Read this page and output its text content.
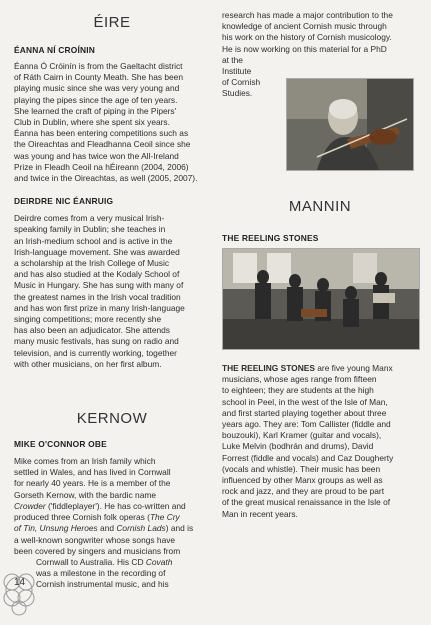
ÉIRE
ÉANNA NÍ CROÍNIN

Éanna Ó Cróinín is from the Gaeltacht district

of Ráth Cairn in County Meath. She has been

playing music since she was very young and

playing the pipes since the age of ten years.

She learned the craft of piping in the Pipers'

Club in Dublin, where she spent six years.

Éanna has been entering competitions such as

the Oireachtas and Fleadhanna Ceoil since she

was young and has twice won the All-Ireland

Prize in Fleadh Ceoil na hÉireann (2004, 2006)

and twice in the Oireachtas, as well (2005, 2007).

DEIRDRE NIC ÉANRUIG

Deirdre comes from a very musical Irish-

speaking family in Dublin; she teaches in

an Irish-medium school and is active in the

Irish-language movement. She was awarded

a scholarship at the Irish College of Music

and has also studied at the Kodaly School of

Music in Hungary. She has sung with many of

the greatest names in the Irish vocal tradition

and has won first prize in many Irish-language

singing competitions; more recently she

has also been an adjudicator. She attends

many music festivals, has sung on radio and

television, and is currently working, together

with other musicians, on her first album.

KERNOW
MIKE O'CONNOR OBE

Mike comes from an Irish family which

settled in Wales, and has lived in Cornwall

for nearly 40 years. He is a member of the

Gorseth Kernow, with the bardic name

Crowder ('fiddleplayer'). He has co-written and

produced three Cornish folk operas (The Cry

of Tin, Unsung Heroes and Cornish Lads) and is

a well-known songwriter whose songs have

been covered by singers and musicians from

Cornwall to Australia. His CD Covath

was a milestone in the recording of

Cornish instrumental music, and his

14

research has made a major contribution to the

knowledge of ancient Cornish music through

his work on the history of Cornish musicology.

He is now working on this material for a PhD

at the

Institute

of Cornish

Studies.

MANNIN
THE REELING STONES

THE REELING STONES are five young Manx

musicians, whose ages range from fifteen

to eighteen; they are students at the high

school in Peel, in the west of the Isle of Man,

and first started playing together about three

years ago. They are: Tom Callister (fiddle and

bouzouki), Karl Kramer (guitar and vocals),

Luke Melvin (bodhrán and drums), David

Forrest (fiddle and vocals) and Caz Dougherty

(vocals and whistle). Their music has been

influenced by other Manx groups as well as

rock and jazz, and they are proud to be part

of the great musical renaissance in the Isle of

Man in recent years.
